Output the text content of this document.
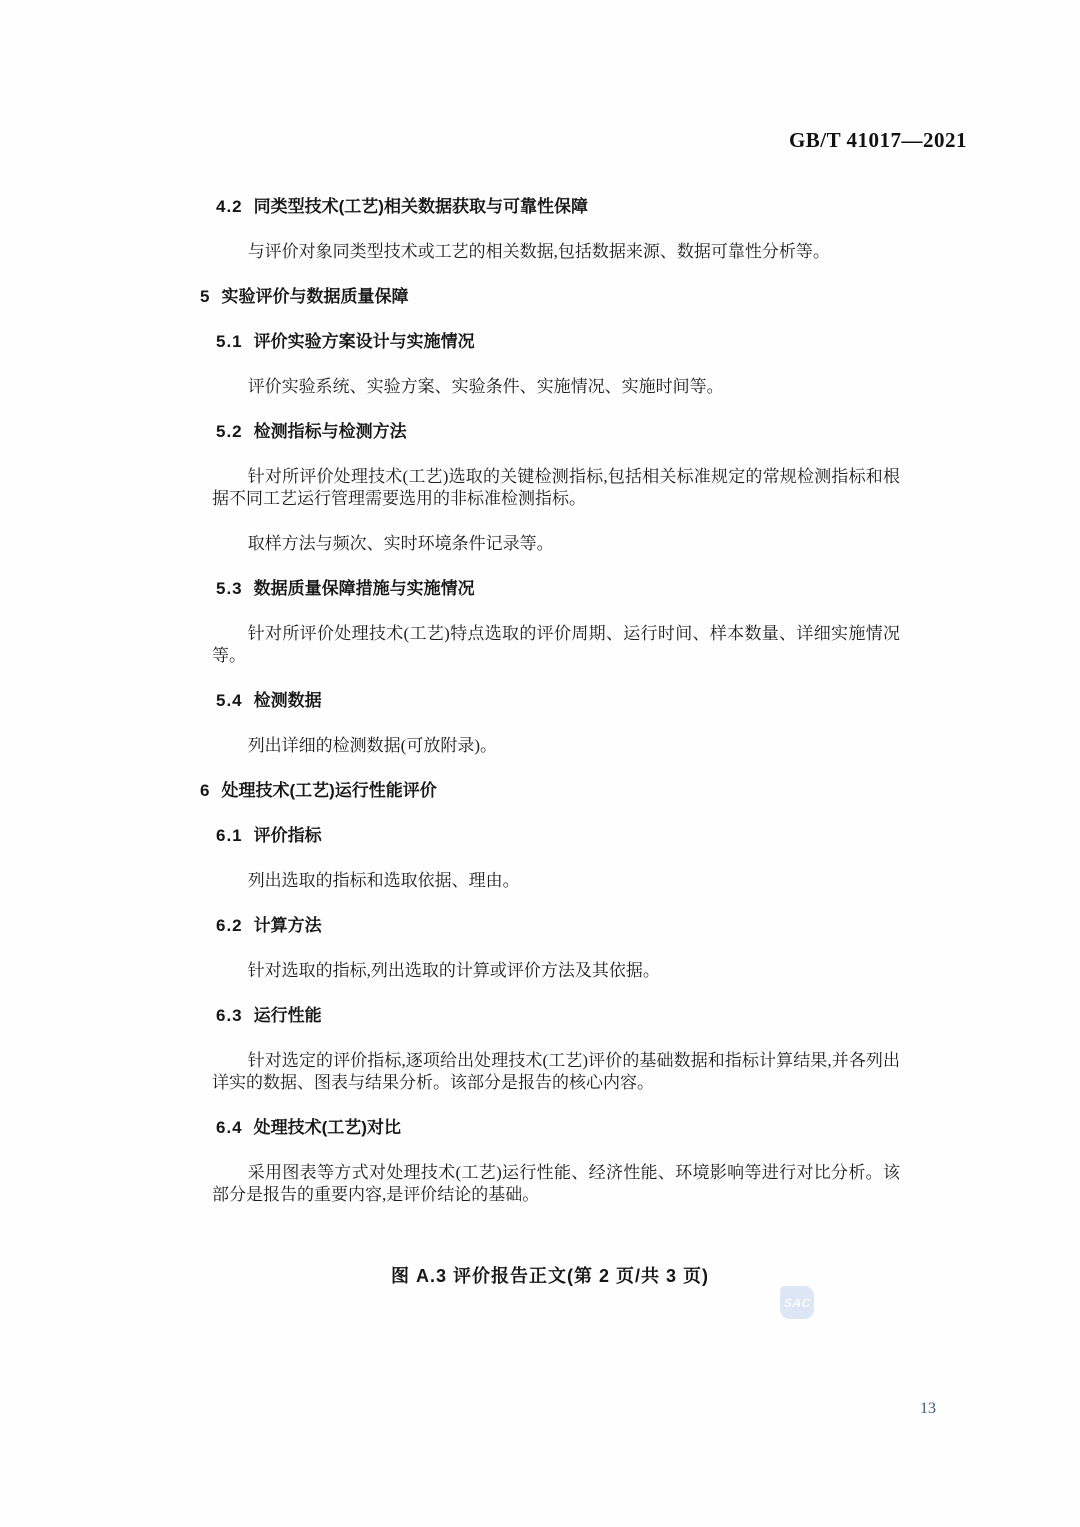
GB/T 41017—2021
4.2 同类型技术(工艺)相关数据获取与可靠性保障
与评价对象同类型技术或工艺的相关数据,包括数据来源、数据可靠性分析等。
5 实验评价与数据质量保障
5.1 评价实验方案设计与实施情况
评价实验系统、实验方案、实验条件、实施情况、实施时间等。
5.2 检测指标与检测方法
针对所评价处理技术(工艺)选取的关键检测指标,包括相关标准规定的常规检测指标和根据不同工艺运行管理需要选用的非标准检测指标。
取样方法与频次、实时环境条件记录等。
5.3 数据质量保障措施与实施情况
针对所评价处理技术(工艺)特点选取的评价周期、运行时间、样本数量、详细实施情况等。
5.4 检测数据
列出详细的检测数据(可放附录)。
6 处理技术(工艺)运行性能评价
6.1 评价指标
列出选取的指标和选取依据、理由。
6.2 计算方法
针对选取的指标,列出选取的计算或评价方法及其依据。
6.3 运行性能
针对选定的评价指标,逐项给出处理技术(工艺)评价的基础数据和指标计算结果,并各列出详实的数据、图表与结果分析。该部分是报告的核心内容。
6.4 处理技术(工艺)对比
采用图表等方式对处理技术(工艺)运行性能、经济性能、环境影响等进行对比分析。该部分是报告的重要内容,是评价结论的基础。
图 A.3 评价报告正文(第 2 页/共 3 页)
SAC
13
